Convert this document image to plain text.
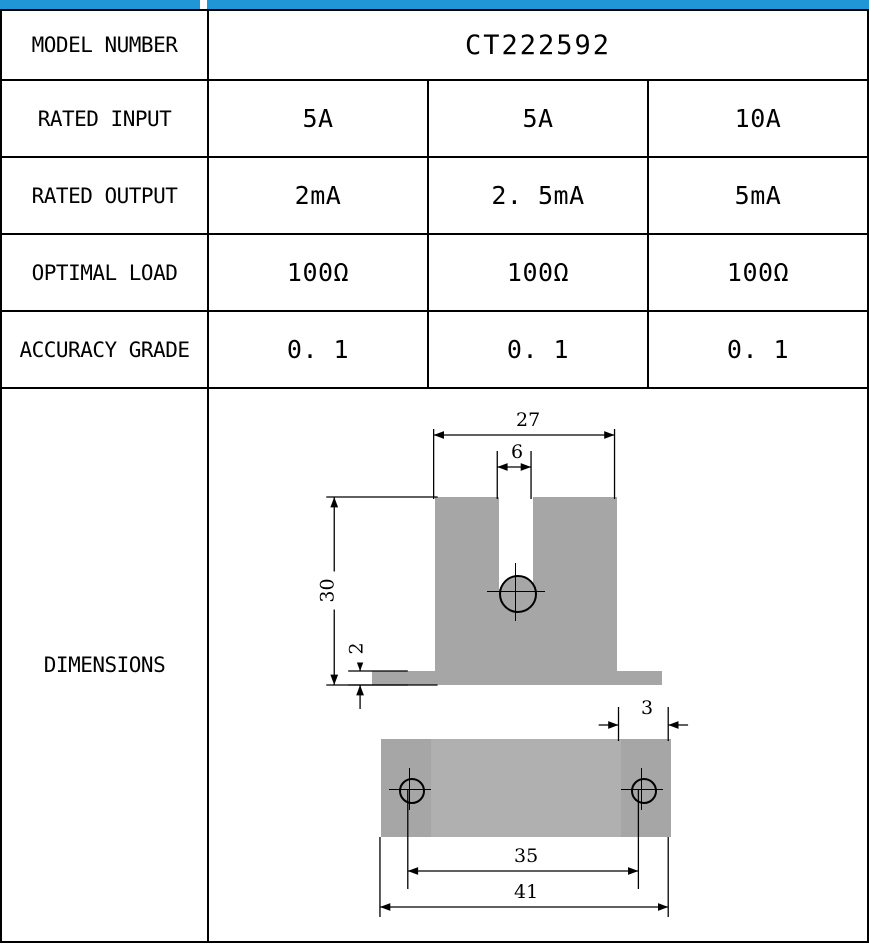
MODEL NUMBER	CT222592		
RATED INPUT	5A	5A	10A
RATED OUTPUT	2mA	2. 5mA	5mA
OPTIMAL LOAD	100Ω	100Ω	100Ω
ACCURACY GRADE	0. 1	0. 1	0. 1
DIMENSIONS	
27
6
30
2
3
35
41
